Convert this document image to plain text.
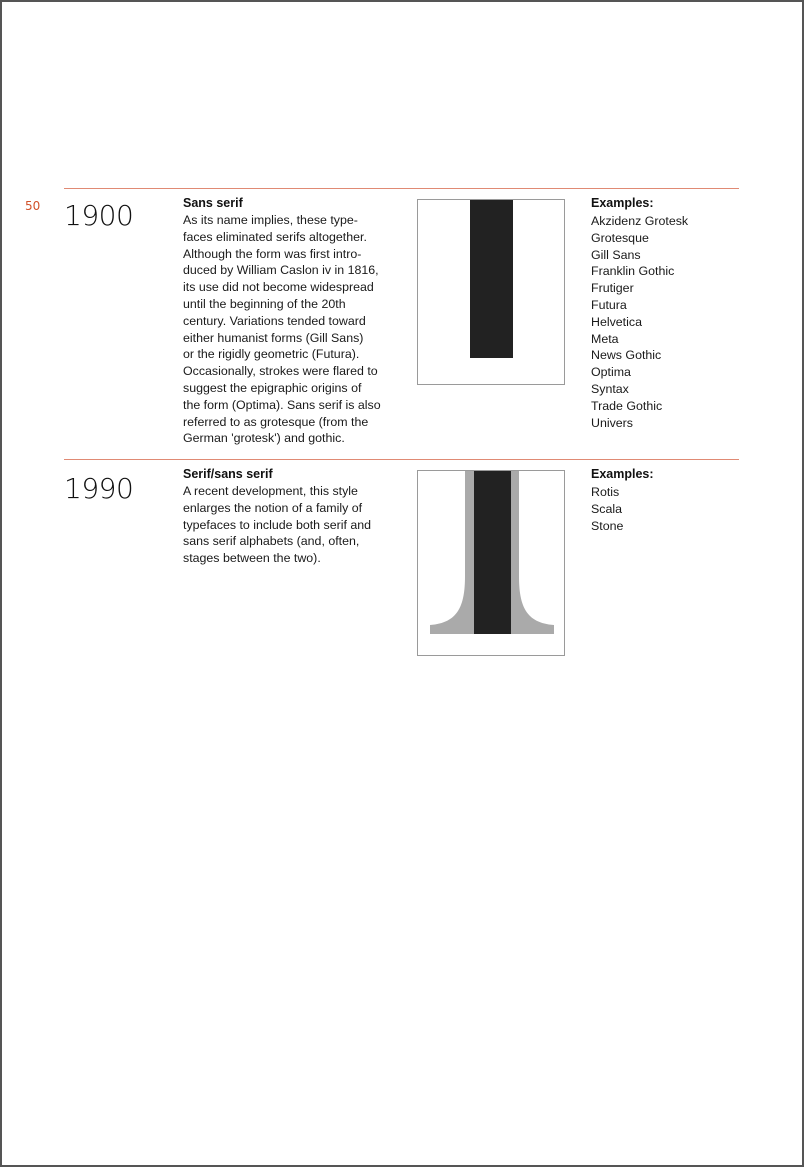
50 1900	Sans serif
As its name implies, these type-
faces eliminated serifs altogether.
Although the form was first intro-
duced by William Caslon iv in 1816,
its use did not become widespread
until the beginning of the 20th
century. Variations tended toward
either humanist forms (Gill Sans)
or the rigidly geometric (Futura).
Occasionally, strokes were flared to
suggest the epigraphic origins of
the form (Optima). Sans serif is also
referred to as grotesque (from the
German 'grotesk') and gothic.
Examples:
Akzidenz Grotesk
Grotesque
Gill Sans
Franklin Gothic
Frutiger
Futura
Helvetica
Meta
News Gothic
Optima
Syntax
Trade Gothic
Univers
1990	Serif/sans serif
A recent development, this style
enlarges the notion of a family of
typefaces to include both serif and
sans serif alphabets (and, often,
stages between the two).
Examples:
Rotis
Scala
Stone
